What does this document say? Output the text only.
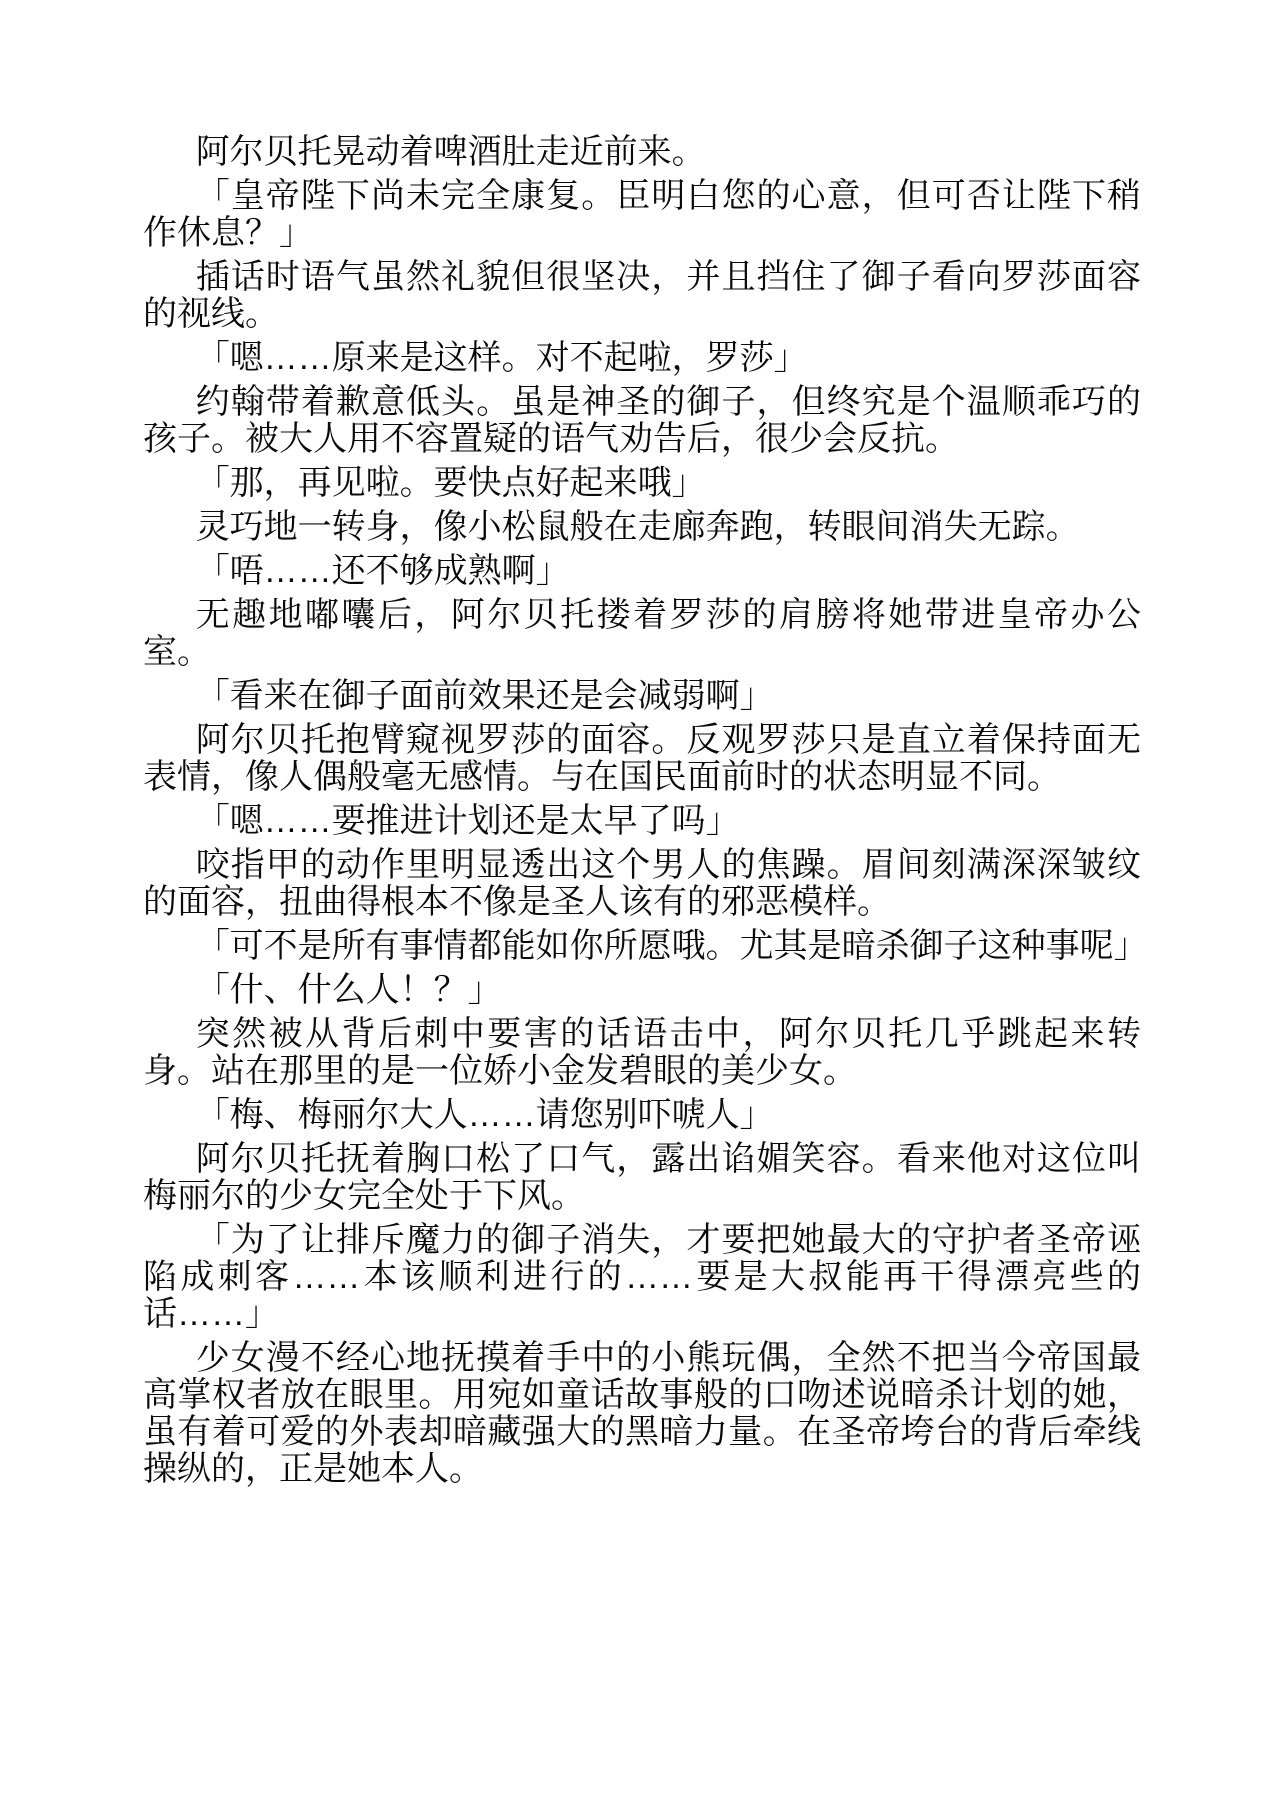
阿尔贝托晃动着啤酒肚走近前来。

「皇帝陛下尚未完全康复。臣明白您的心意，但可否让陛下稍作休息？」

插话时语气虽然礼貌但很坚决，并且挡住了御子看向罗莎面容的视线。

「嗯……原来是这样。对不起啦，罗莎」

约翰带着歉意低头。虽是神圣的御子，但终究是个温顺乖巧的孩子。被大人用不容置疑的语气劝告后，很少会反抗。

「那，再见啦。要快点好起来哦」

灵巧地一转身，像小松鼠般在走廊奔跑，转眼间消失无踪。

「唔……还不够成熟啊」

无趣地嘟囔后，阿尔贝托搂着罗莎的肩膀将她带进皇帝办公室。

「看来在御子面前效果还是会减弱啊」

阿尔贝托抱臂窥视罗莎的面容。反观罗莎只是直立着保持面无表情，像人偶般毫无感情。与在国民面前时的状态明显不同。

「嗯……要推进计划还是太早了吗」

咬指甲的动作里明显透出这个男人的焦躁。眉间刻满深深皱纹的面容，扭曲得根本不像是圣人该有的邪恶模样。

「可不是所有事情都能如你所愿哦。尤其是暗杀御子这种事呢」

「什、什么人！？」

突然被从背后刺中要害的话语击中，阿尔贝托几乎跳起来转身。站在那里的是一位娇小金发碧眼的美少女。

「梅、梅丽尔大人……请您别吓唬人」

阿尔贝托抚着胸口松了口气，露出谄媚笑容。看来他对这位叫梅丽尔的少女完全处于下风。

「为了让排斥魔力的御子消失，才要把她最大的守护者圣帝诬陷成刺客……本该顺利进行的……要是大叔能再干得漂亮些的话……」

少女漫不经心地抚摸着手中的小熊玩偶，全然不把当今帝国最高掌权者放在眼里。用宛如童话故事般的口吻述说暗杀计划的她，虽有着可爱的外表却暗藏强大的黑暗力量。在圣帝垮台的背后牵线操纵的，正是她本人。
